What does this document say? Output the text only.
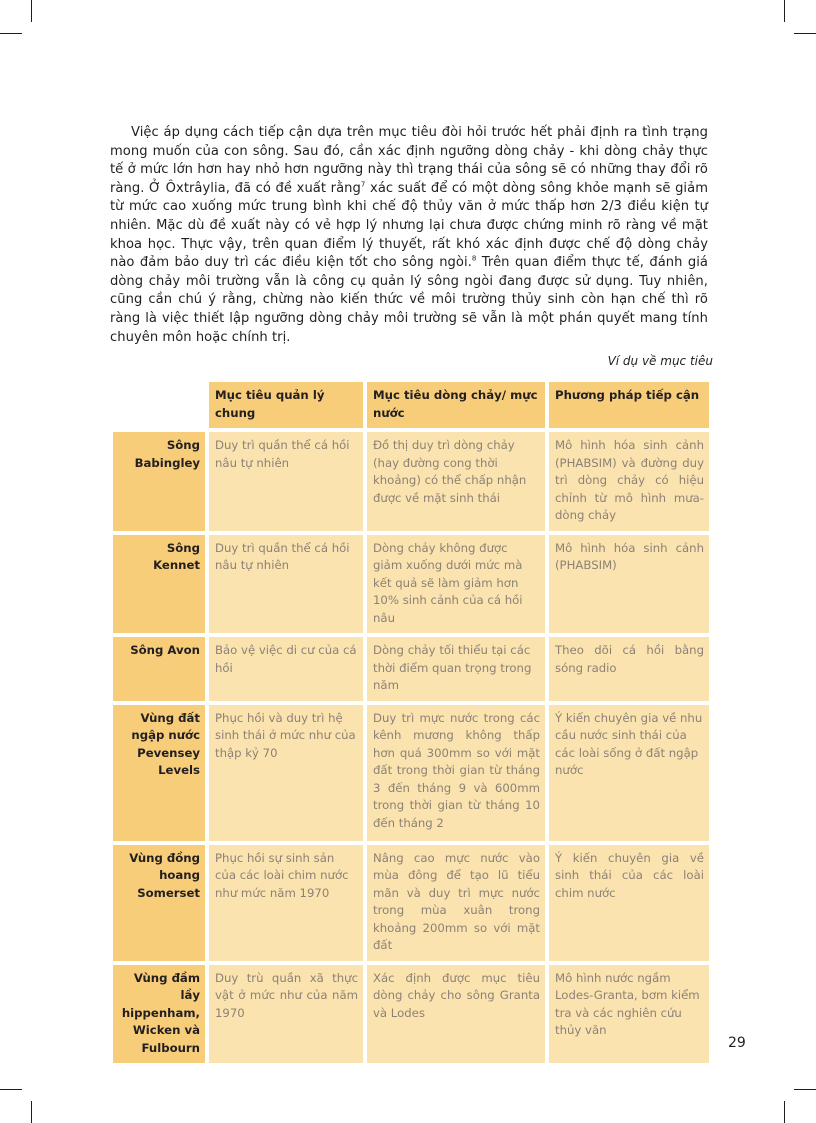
Việc áp dụng cách tiếp cận dựa trên mục tiêu đòi hỏi trước hết phải định ra tình trạng mong muốn của con sông. Sau đó, cần xác định ngưỡng dòng chảy - khi dòng chảy thực tế ở mức lớn hơn hay nhỏ hơn ngưỡng này thì trạng thái của sông sẽ có những thay đổi rõ ràng. Ở Ôxtrâylia, đã có đề xuất rằng$^7$ xác suất để có một dòng sông khỏe mạnh sẽ giảm từ mức cao xuống mức trung bình khi chế độ thủy văn ở mức thấp hơn 2/3 điều kiện tự nhiên. Mặc dù đề xuất này có vẻ hợp lý nhưng lại chưa được chứng minh rõ ràng về mặt khoa học. Thực vậy, trên quan điểm lý thuyết, rất khó xác định được chế độ dòng chảy nào đảm bảo duy trì các điều kiện tốt cho sông ngòi.$^8$ Trên quan điểm thực tế, đánh giá dòng chảy môi trường vẫn là công cụ quản lý sông ngòi đang được sử dụng. Tuy nhiên, cũng cần chú ý rằng, chừng nào kiến thức về môi trường thủy sinh còn hạn chế thì rõ ràng là việc thiết lập ngưỡng dòng chảy môi trường sẽ vẫn là một phán quyết mang tính chuyên môn hoặc chính trị.

Ví dụ về mục tiêu
	Mục tiêu quản lý chung	Mục tiêu dòng chảy/ mực nước	Phương pháp tiếp cận
Sông Babingley	Duy trì quần thể cá hồi nâu tự nhiên	Đồ thị duy trì dòng chảy (hay đường cong thời khoảng) có thể chấp nhận được về mặt sinh thái	Mô hình hóa sinh cảnh (PHABSIM) và đường duy trì dòng chảy có hiệu chỉnh từ mô hình mưa-dòng chảy
Sông Kennet	Duy trì quần thể cá hồi nâu tự nhiên	Dòng chảy không được giảm xuống dưới mức mà kết quả sẽ làm giảm hơn 10% sinh cảnh của cá hồi nâu	Mô hình hóa sinh cảnh (PHABSIM)
Sông Avon	Bảo vệ việc di cư của cá hồi	Dòng chảy tối thiểu tại các thời điểm quan trọng trong năm	Theo dõi cá hồi bằng sóng radio
Vùng đất ngập nước Pevensey Levels	Phục hồi và duy trì hệ sinh thái ở mức như của thập kỷ 70	Duy trì mực nước trong các kênh mương không thấp hơn quá 300mm so với mặt đất trong thời gian từ tháng 3 đến tháng 9 và 600mm trong thời gian từ tháng 10 đến tháng 2	Ý kiến chuyên gia về nhu cầu nước sinh thái của các loài sống ở đất ngập nước
Vùng đồng hoang Somerset	Phục hồi sự sinh sản của các loài chim nước như mức năm 1970	Nâng cao mực nước vào mùa đông để tạo lũ tiểu mãn và duy trì mực nước trong mùa xuân trong khoảng 200mm so với mặt đất	Ý kiến chuyên gia về sinh thái của các loài chim nước
Vùng đầm lầy hippenham, Wicken và Fulbourn	Duy trù quần xã thực vật ở mức như của năm 1970	Xác định được mục tiêu dòng chảy cho sông Granta và Lodes	Mô hình nước ngầm Lodes-Granta, bơm kiểm tra và các nghiên cứu thủy văn
29
